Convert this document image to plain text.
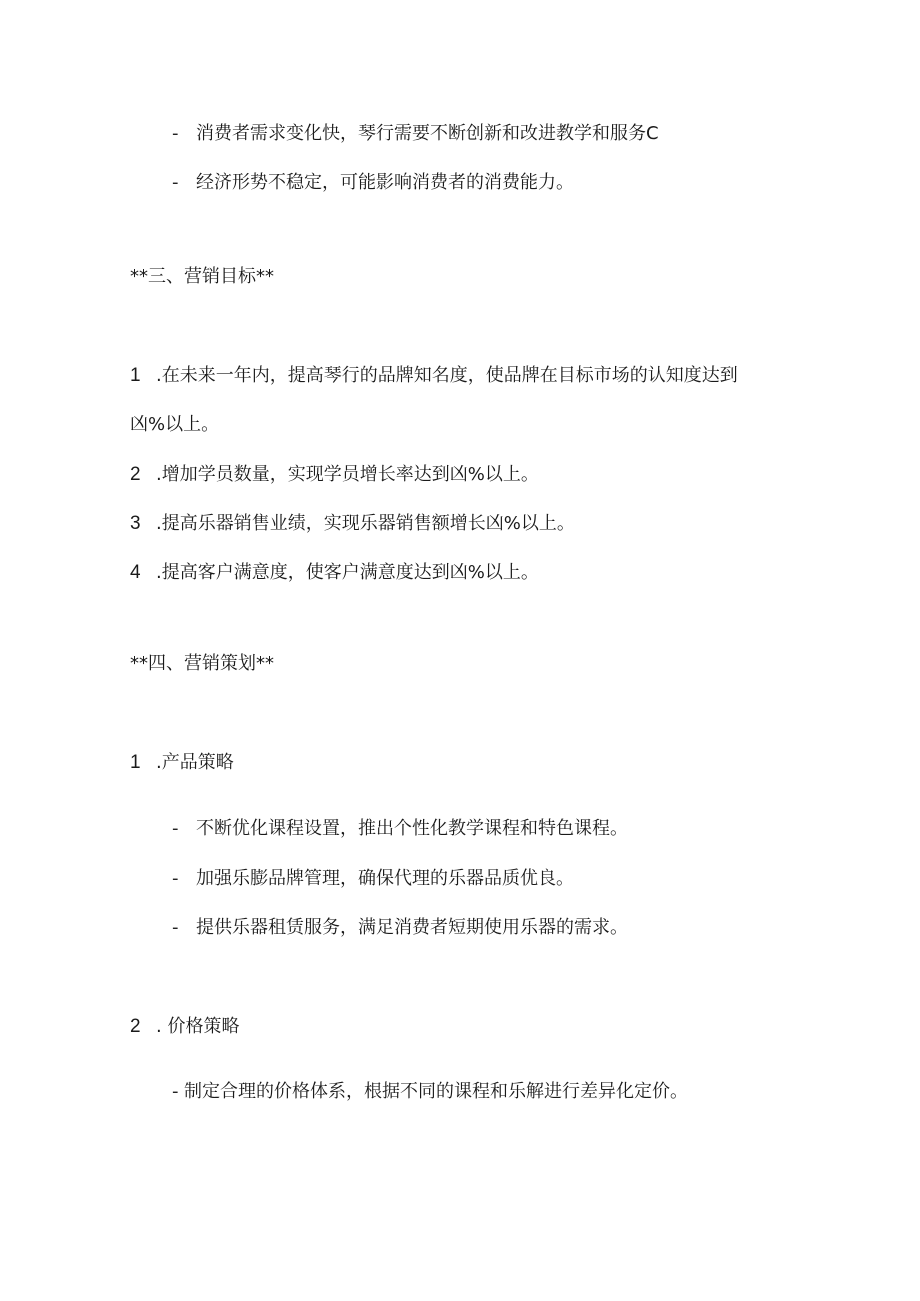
- 消费者需求变化快，琴行需要不断创新和改进教学和服务C
- 经济形势不稳定，可能影响消费者的消费能力。
**三、营销目标**
1 .在未来一年内，提高琴行的品牌知名度，使品牌在目标市场的认知度达到
凶%以上。
2 .增加学员数量，实现学员增长率达到凶%以上。
3 .提高乐器销售业绩，实现乐器销售额增长凶%以上。
4 .提高客户满意度，使客户满意度达到凶%以上。
**四、营销策划**
1 .产品策略
- 不断优化课程设置，推出个性化教学课程和特色课程。
- 加强乐膨品牌管理，确保代理的乐器品质优良。
- 提供乐器租赁服务，满足消费者短期使用乐器的需求。
2 . 价格策略
- 制定合理的价格体系，根据不同的课程和乐解进行差异化定价。
